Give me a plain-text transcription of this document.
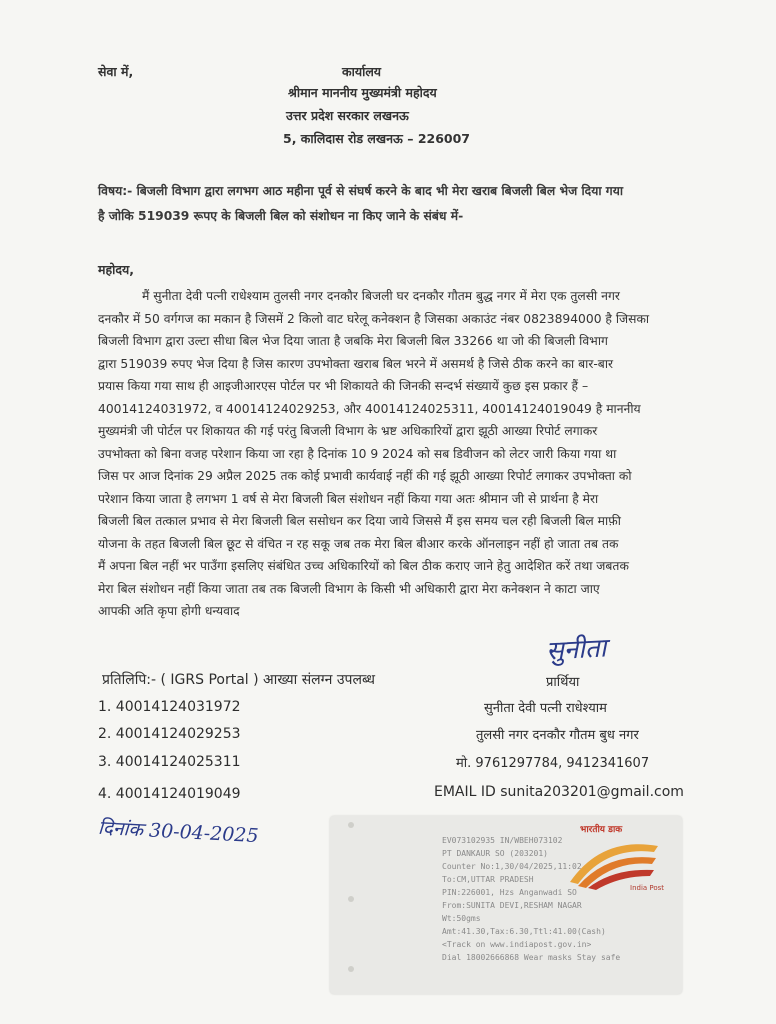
सेवा में,	कार्यालय
श्रीमान माननीय मुख्यमंत्री महोदय
उत्तर प्रदेश सरकार लखनऊ
5, कालिदास रोड लखनऊ – 226007
विषय:- बिजली विभाग द्वारा लगभग आठ महीना पूर्व से संघर्ष करने के बाद भी मेरा खराब बिजली बिल भेज दिया गया
है जोकि 519039 रूपए के बिजली बिल को संशोधन ना किए जाने के संबंध में-
महोदय,
मैं सुनीता देवी पत्नी राधेश्याम तुलसी नगर दनकौर बिजली घर दनकौर गौतम बुद्ध नगर में मेरा एक तुलसी नगर
दनकौर में 50 वर्गगज का मकान है जिसमें 2 किलो वाट घरेलू कनेक्शन है जिसका अकाउंट नंबर 0823894000 है जिसका
बिजली विभाग द्वारा उल्टा सीधा बिल भेज दिया जाता है जबकि मेरा बिजली बिल 33266 था जो की बिजली विभाग
द्वारा 519039 रुपए भेज दिया है जिस कारण उपभोक्ता खराब बिल भरने में असमर्थ है जिसे ठीक करने का बार-बार
प्रयास किया गया साथ ही आइजीआरएस पोर्टल पर भी शिकायते की जिनकी सन्दर्भ संख्यायें कुछ इस प्रकार हैं –
40014124031972, व 40014124029253, और 40014124025311, 40014124019049 है माननीय
मुख्यमंत्री जी पोर्टल पर शिकायत की गई परंतु बिजली विभाग के भ्रष्ट अधिकारियों द्वारा झूठी आख्या रिपोर्ट लगाकर
उपभोक्ता को बिना वजह परेशान किया जा रहा है दिनांक 10 9 2024 को सब डिवीजन को लेटर जारी किया गया था
जिस पर आज दिनांक 29 अप्रैल 2025 तक कोई प्रभावी कार्यवाई नहीं की गई झूठी आख्या रिपोर्ट लगाकर उपभोक्ता को
परेशान किया जाता है लगभग 1 वर्ष से मेरा बिजली बिल संशोधन नहीं किया गया अतः श्रीमान जी से प्रार्थना है मेरा
बिजली बिल तत्काल प्रभाव से मेरा बिजली बिल ससोधन कर दिया जाये जिससे मैं इस समय चल रही बिजली बिल माफ़ी
योजना के तहत बिजली बिल छूट से वंचित न रह सकू जब तक मेरा बिल बीआर करके ऑनलाइन नहीं हो जाता तब तक
मैं अपना बिल नहीं भर पाउँगा इसलिए संबंधित उच्च अधिकारियों को बिल ठीक कराए जाने हेतु आदेशित करें तथा जबतक
मेरा बिल संशोधन नहीं किया जाता तब तक बिजली विभाग के किसी भी अधिकारी द्वारा मेरा कनेक्शन ने काटा जाए
आपकी अति कृपा होगी धन्यवाद
सुनीता
प्रतिलिपि:- ( IGRS Portal ) आख्या संलग्न उपलब्ध
1. 40014124031972
2. 40014124029253
3. 40014124025311
4. 40014124019049
प्रार्थिया
सुनीता देवी पत्नी राधेश्याम
तुलसी नगर दनकौर गौतम बुध नगर
मो. 9761297784, 9412341607
EMAIL ID sunita203201@gmail.com
दिनांक 30-04-2025	EV073102935 IN/WBEH073102
PT DANKAUR SO (203201)
Counter No:1,30/04/2025,11:02
To:CM,UTTAR PRADESH
PIN:226001, Hzs Anganwadi SO
From:SUNITA DEVI,RESHAM NAGAR
Wt:50gms
Amt:41.30,Tax:6.30,Ttl:41.00(Cash)
<Track on www.indiapost.gov.in>
Dial 18002666868 Wear masks Stay safe
भारतीय डाक
India Post
